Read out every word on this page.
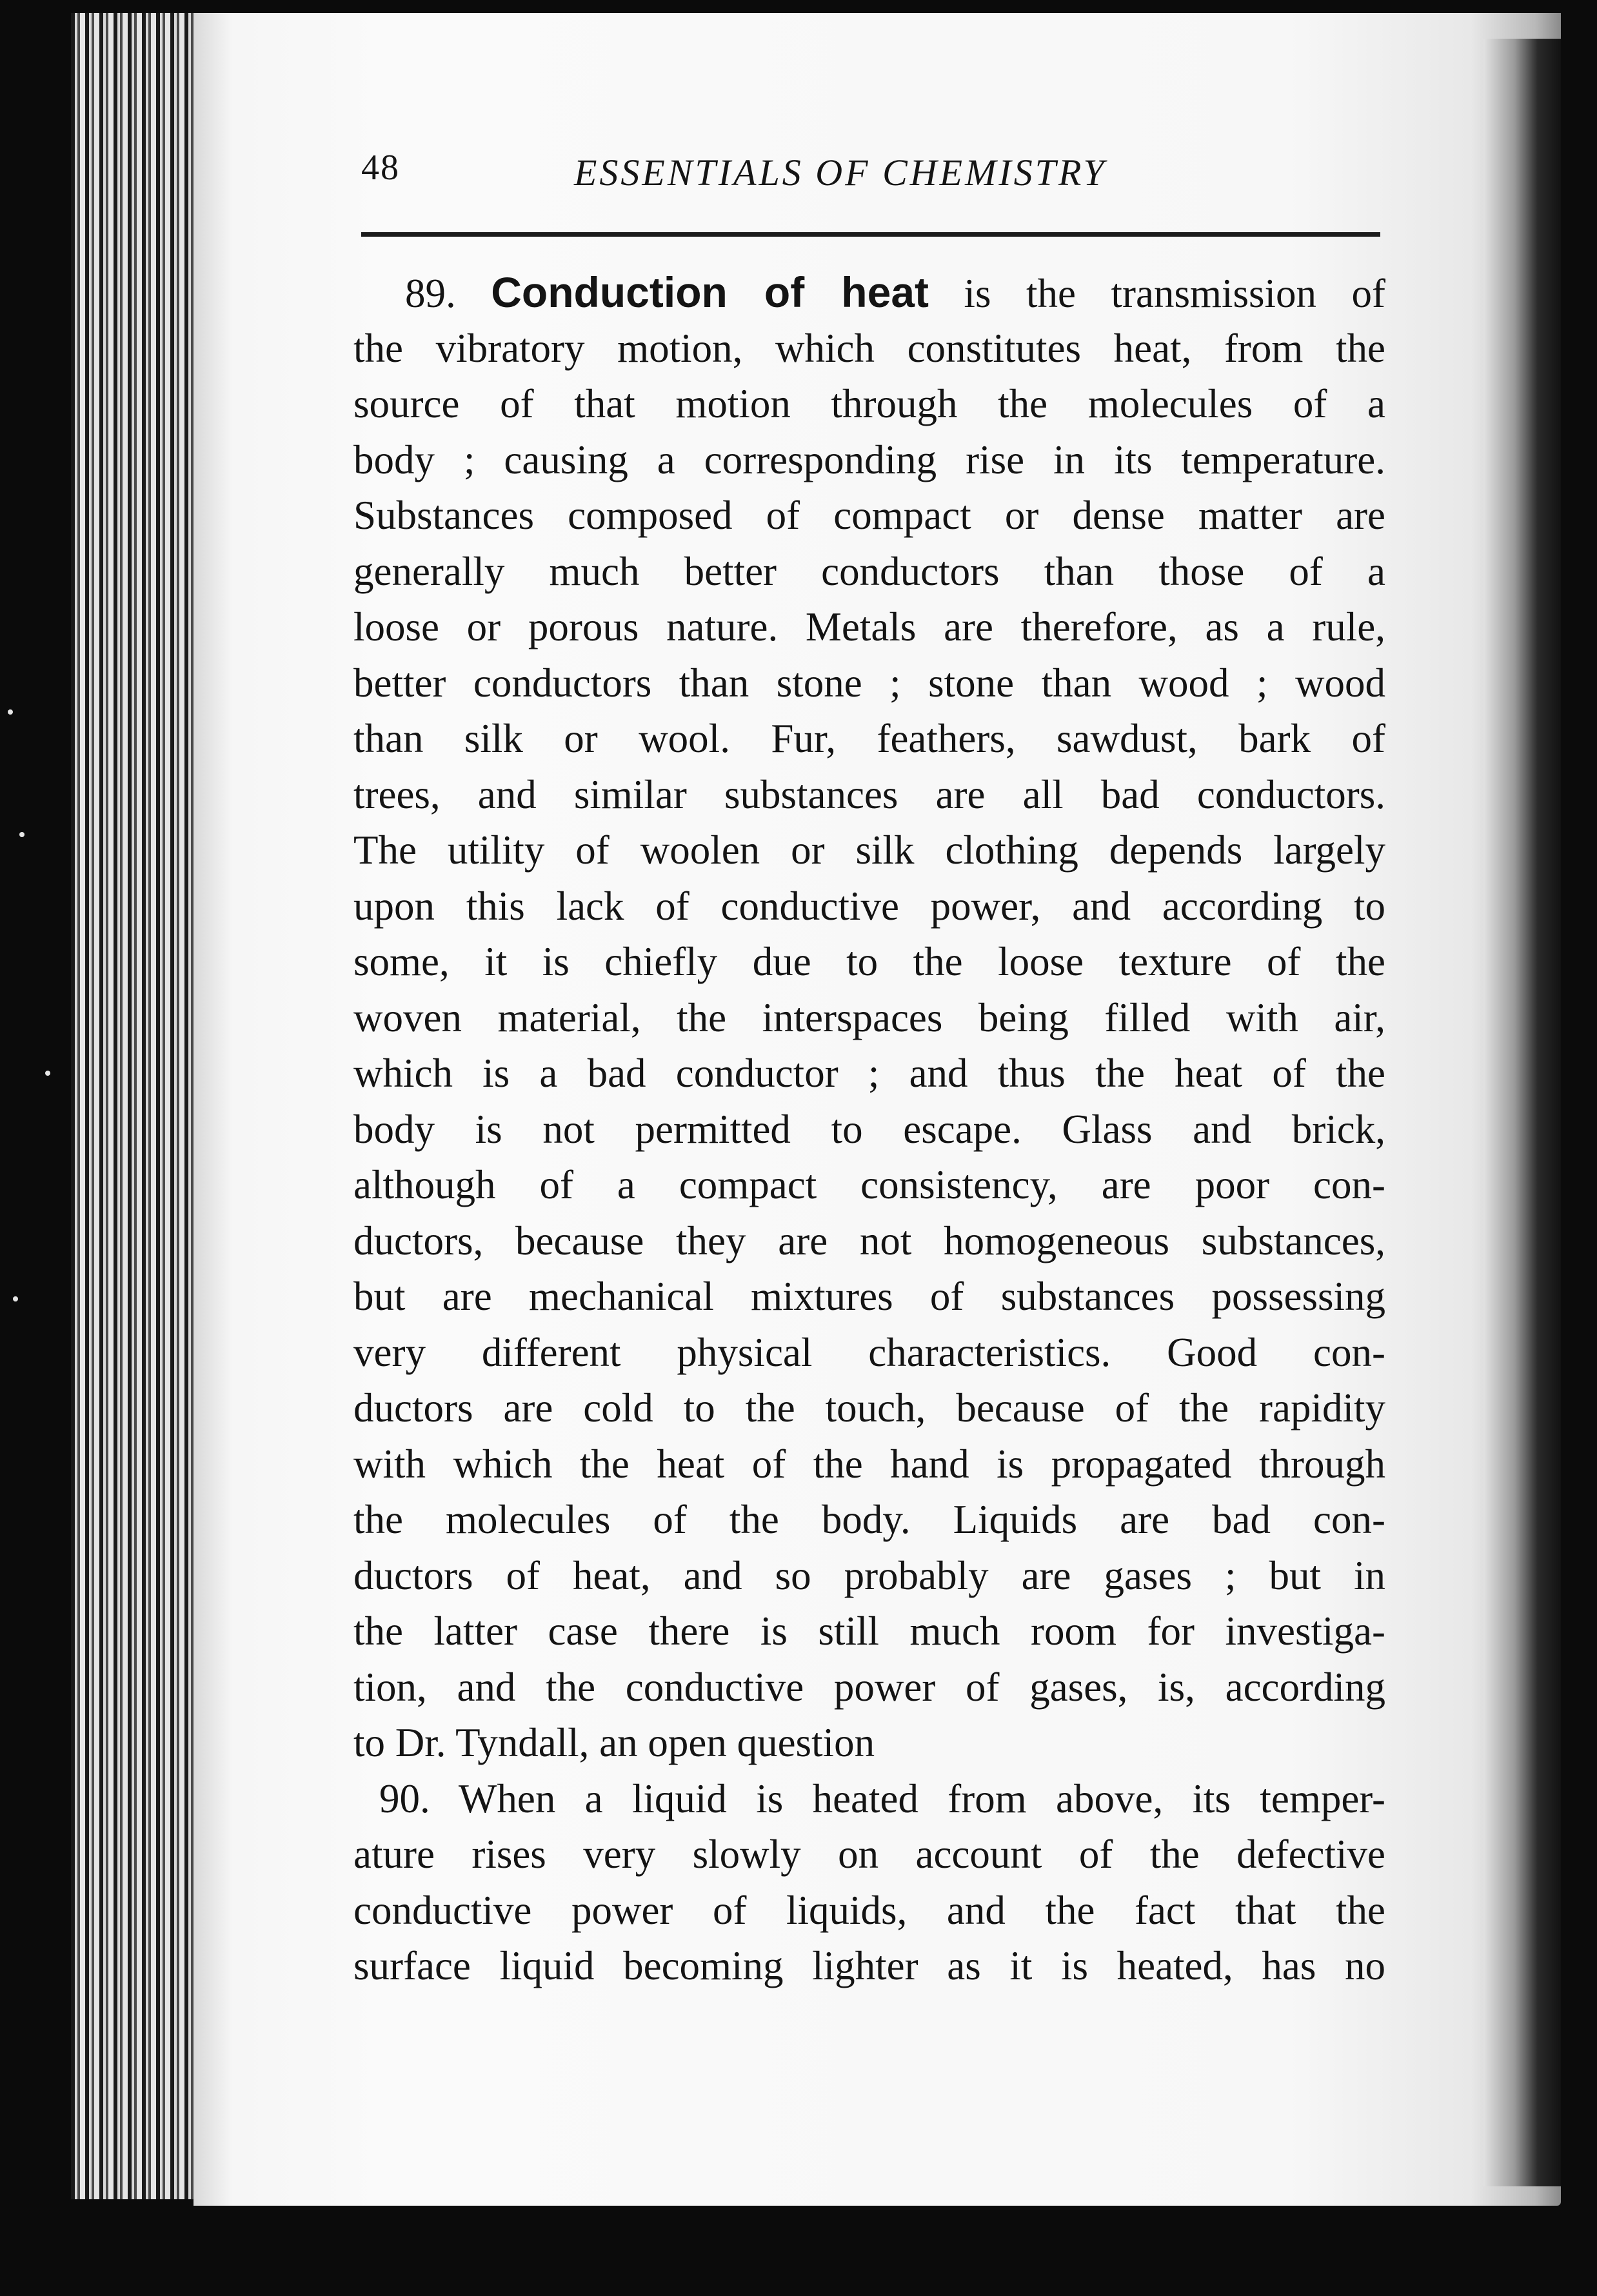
48	ESSENTIALS OF CHEMISTRY
89. Conduction of heat is the transmission of
the vibratory motion, which constitutes heat, from the
source of that motion through the molecules of a
body ; causing a corresponding rise in its temperature.
Substances composed of compact or dense matter are
generally much better conductors than those of a
loose or porous nature. Metals are therefore, as a rule,
better conductors than stone ; stone than wood ; wood
than silk or wool. Fur, feathers, sawdust, bark of
trees, and similar substances are all bad conductors.
The utility of woolen or silk clothing depends largely
upon this lack of conductive power, and according to
some, it is chiefly due to the loose texture of the
woven material, the interspaces being filled with air,
which is a bad conductor ; and thus the heat of the
body is not permitted to escape. Glass and brick,
although of a compact consistency, are poor con-
ductors, because they are not homogeneous substances,
but are mechanical mixtures of substances possessing
very different physical characteristics. Good con-
ductors are cold to the touch, because of the rapidity
with which the heat of the hand is propagated through
the molecules of the body. Liquids are bad con-
ductors of heat, and so probably are gases ; but in
the latter case there is still much room for investiga-
tion, and the conductive power of gases, is, according
to Dr. Tyndall, an open question
90. When a liquid is heated from above, its temper-
ature rises very slowly on account of the defective
conductive power of liquids, and the fact that the
surface liquid becoming lighter as it is heated, has no
